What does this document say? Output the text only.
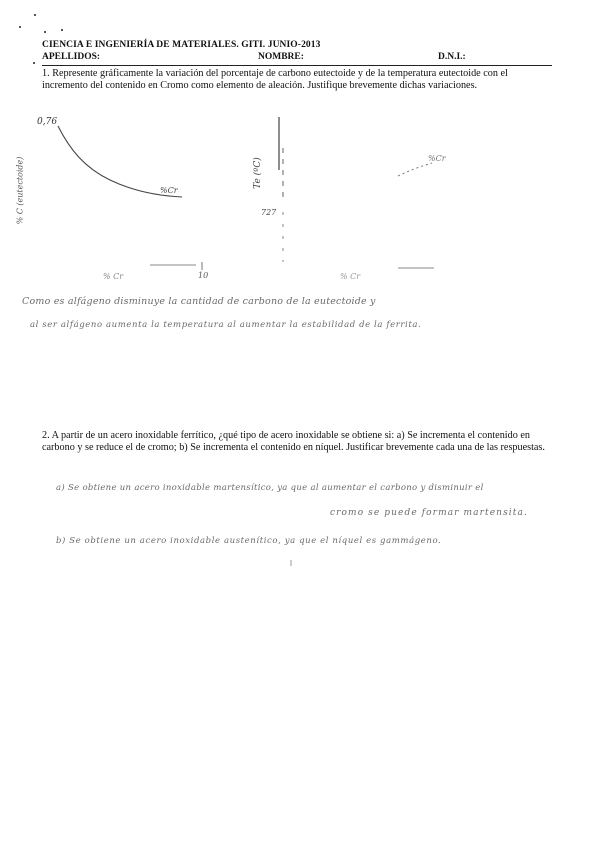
CIENCIA E INGENIERÍA DE MATERIALES. GITI. JUNIO-2013
APELLIDOS:	NOMBRE:	D.N.I.:
1. Represente gráficamente la variación del porcentaje de carbono eutectoide y de la temperatura eutectoide con el incremento del contenido en Cromo como elemento de aleación. Justifique brevemente dichas variaciones.
0,76
% C (eutectoide)	%Cr
% Cr	10
Te (ºC)
727
%Cr
% Cr
Como es alfágeno disminuye la cantidad de carbono de la eutectoide y
al ser alfágeno aumenta la temperatura al aumentar la estabilidad de la ferrita.
2. A partir de un acero inoxidable ferrítico, ¿qué tipo de acero inoxidable se obtiene si: a) Se incrementa el contenido en carbono y se reduce el de cromo; b) Se incrementa el contenido en níquel. Justificar brevemente cada una de las respuestas.
a) Se obtiene un acero inoxidable martensítico, ya que al aumentar el carbono y disminuir el
cromo se puede formar martensita.
b) Se obtiene un acero inoxidable austenítico, ya que el níquel es gammágeno.
